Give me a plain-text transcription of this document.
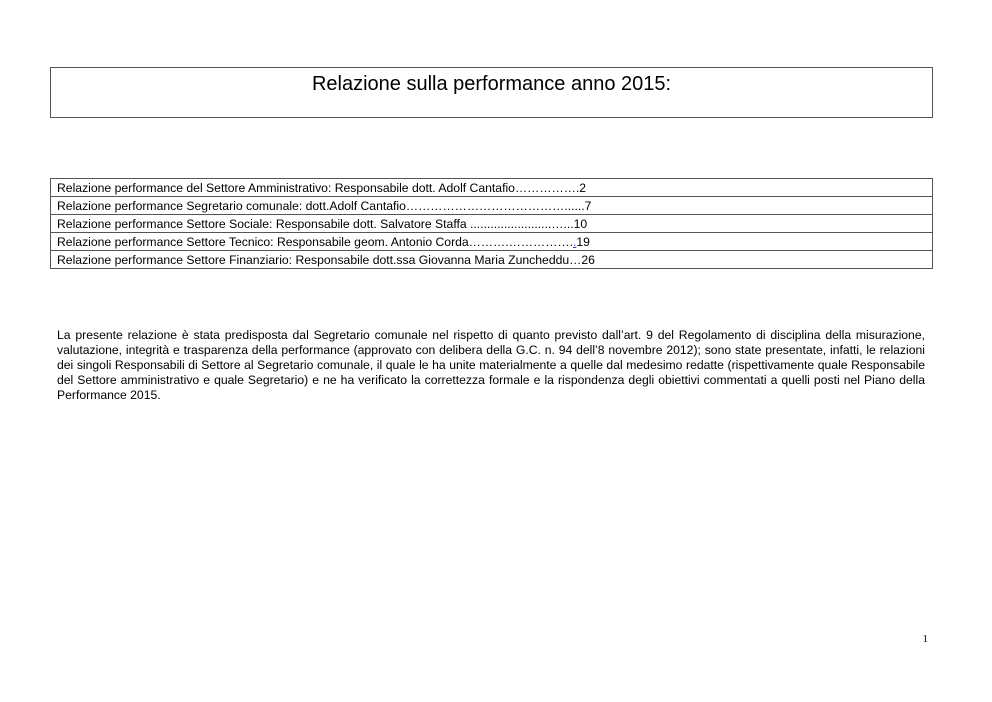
Relazione sulla performance anno 2015:
Relazione performance del Settore Amministrativo: Responsabile dott. Adolf Cantafio…………….2
Relazione performance Segretario comunale: dott.Adolf Cantafio…………………………………......7
Relazione performance Settore Sociale: Responsabile dott. Salvatore Staffa ........................…...10
Relazione performance Settore Tecnico: Responsabile geom. Antonio Corda……….……………..19
Relazione performance Settore Finanziario: Responsabile dott.ssa Giovanna Maria Zuncheddu…26

La presente relazione è stata predisposta dal Segretario comunale nel rispetto di quanto previsto dall’art. 9 del Regolamento di disciplina della misurazione, valutazione, integrità e trasparenza della performance (approvato con delibera della G.C. n. 94 dell’8 novembre 2012); sono state presentate, infatti, le relazioni dei singoli Responsabili di Settore al Segretario comunale, il quale le ha unite materialmente a quelle dal medesimo redatte (rispettivamente quale Responsabile del Settore amministrativo e quale Segretario) e ne ha verificato la correttezza formale e la rispondenza degli obiettivi commentati a quelli posti nel Piano della Performance 2015.

1
